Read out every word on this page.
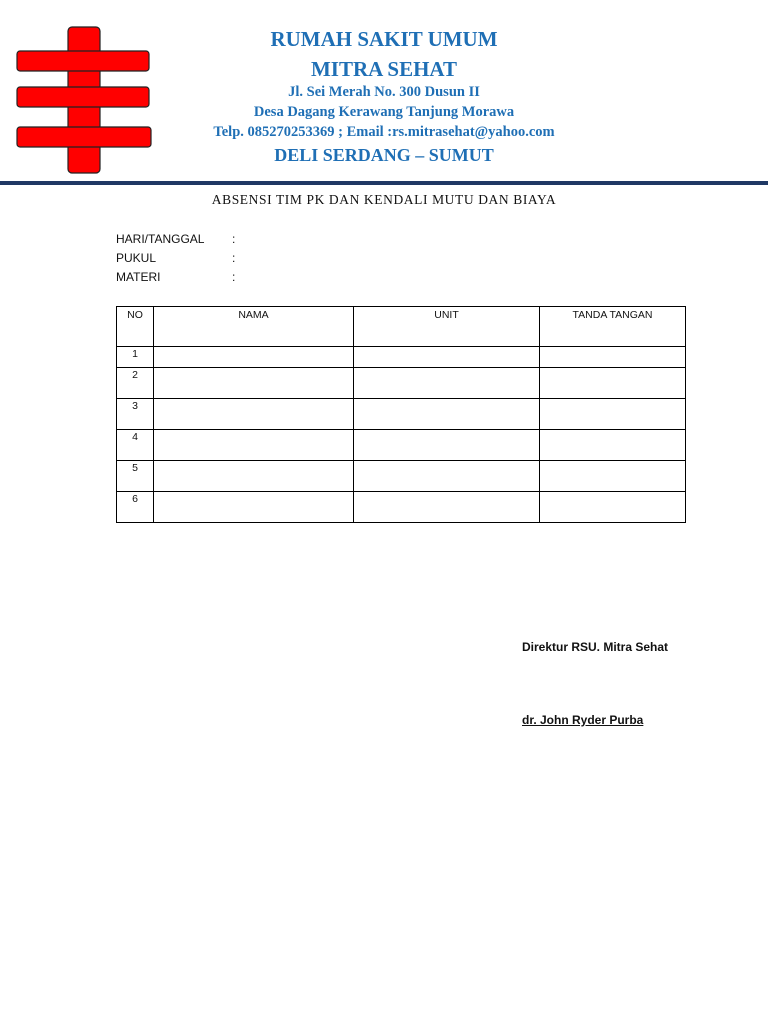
RUMAH SAKIT UMUM
MITRA SEHAT
Jl. Sei Merah No. 300 Dusun II
Desa Dagang Kerawang Tanjung Morawa
Telp. 085270253369 ; Email :rs.mitrasehat@yahoo.com
DELI SERDANG – SUMUT
ABSENSI TIM PK DAN KENDALI MUTU DAN BIAYA
HARI/TANGGAL :
PUKUL	:
MATERI	:
NO	NAMA	UNIT	TANDA TANGAN
1			
2			
3			
4			
5			
6			
Direktur RSU. Mitra Sehat
dr. John Ryder Purba
